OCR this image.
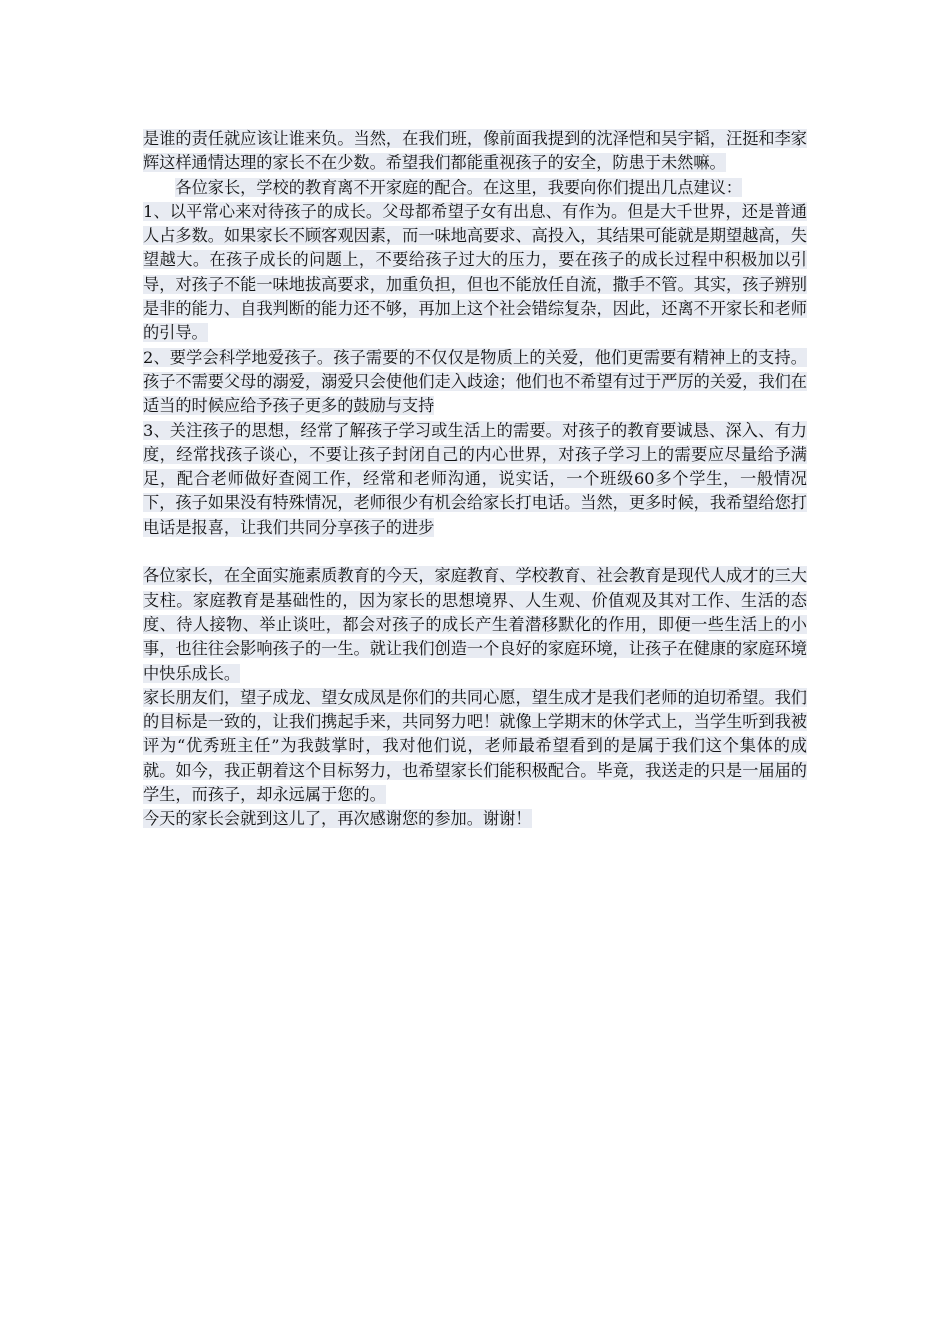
是谁的责任就应该让谁来负。当然，在我们班，像前面我提到的沈泽恺和吴宇韬，汪挺和李家辉这样通情达理的家长不在少数。希望我们都能重视孩子的安全，防患于未然嘛。

各位家长，学校的教育离不开家庭的配合。在这里，我要向你们提出几点建议：

1、以平常心来对待孩子的成长。父母都希望子女有出息、有作为。但是大千世界，还是普通人占多数。如果家长不顾客观因素，而一味地高要求、高投入，其结果可能就是期望越高，失望越大。在孩子成长的问题上，不要给孩子过大的压力，要在孩子的成长过程中积极加以引导，对孩子不能一味地拔高要求，加重负担，但也不能放任自流，撒手不管。其实，孩子辨别是非的能力、自我判断的能力还不够，再加上这个社会错综复杂，因此，还离不开家长和老师的引导。

2、要学会科学地爱孩子。孩子需要的不仅仅是物质上的关爱，他们更需要有精神上的支持。孩子不需要父母的溺爱，溺爱只会使他们走入歧途；他们也不希望有过于严厉的关爱，我们在适当的时候应给予孩子更多的鼓励与支持

3、关注孩子的思想，经常了解孩子学习或生活上的需要。对孩子的教育要诚恳、深入、有力度，经常找孩子谈心，不要让孩子封闭自己的内心世界，对孩子学习上的需要应尽量给予满足，配合老师做好查阅工作，经常和老师沟通，说实话，一个班级60多个学生，一般情况下，孩子如果没有特殊情况，老师很少有机会给家长打电话。当然，更多时候，我希望给您打电话是报喜，让我们共同分享孩子的进步

各位家长，在全面实施素质教育的今天，家庭教育、学校教育、社会教育是现代人成才的三大支柱。家庭教育是基础性的，因为家长的思想境界、人生观、价值观及其对工作、生活的态度、待人接物、举止谈吐，都会对孩子的成长产生着潜移默化的作用，即便一些生活上的小事，也往往会影响孩子的一生。就让我们创造一个良好的家庭环境，让孩子在健康的家庭环境中快乐成长。

家长朋友们，望子成龙、望女成凤是你们的共同心愿，望生成才是我们老师的迫切希望。我们的目标是一致的，让我们携起手来，共同努力吧！就像上学期末的休学式上，当学生听到我被评为“优秀班主任”为我鼓掌时，我对他们说，老师最希望看到的是属于我们这个集体的成就。如今，我正朝着这个目标努力，也希望家长们能积极配合。毕竟，我送走的只是一届届的学生，而孩子，却永远属于您的。

今天的家长会就到这儿了，再次感谢您的参加。谢谢！
